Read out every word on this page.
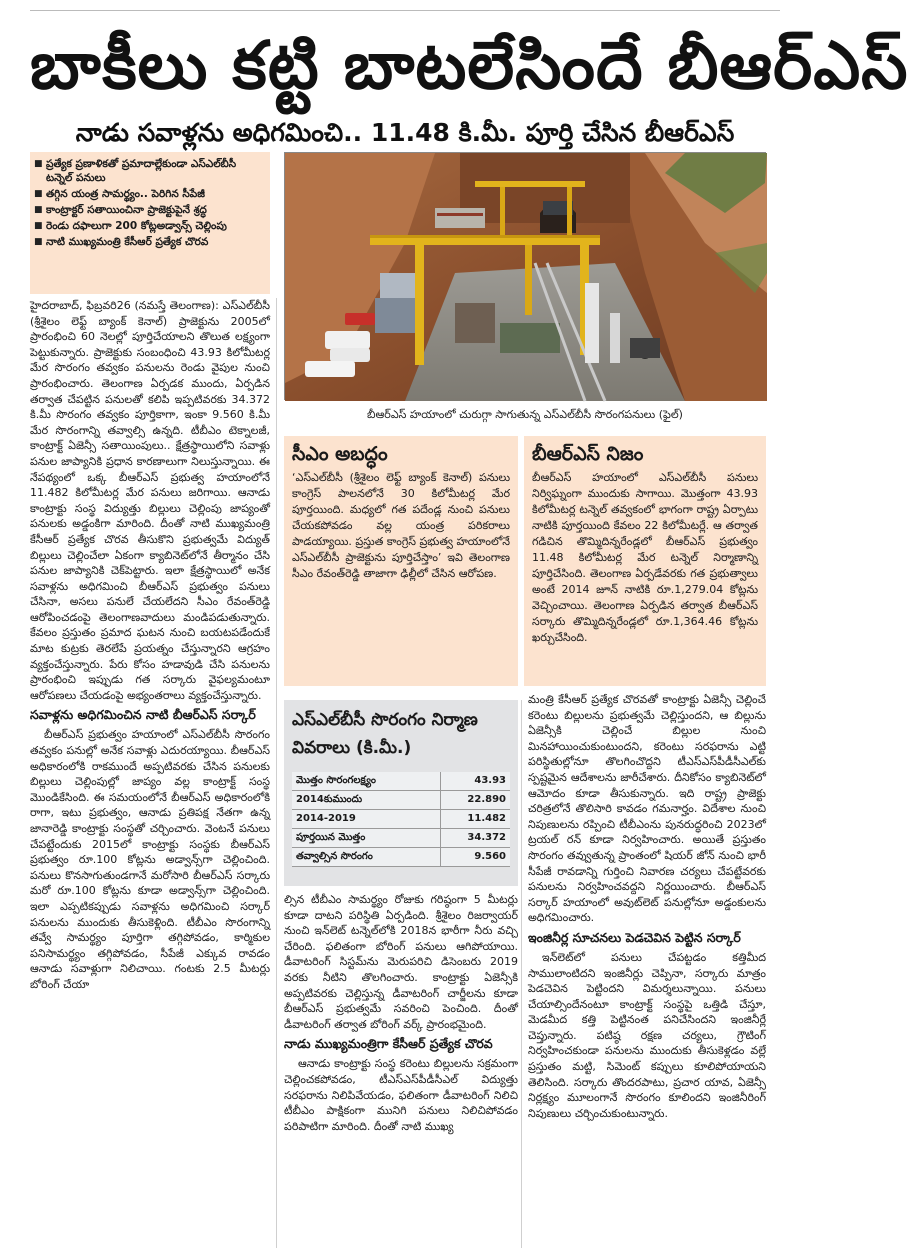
బాకీలు కట్టి బాటలేసిందే బీఆర్‌ఎస్‌
నాడు సవాళ్లను అధిగమించి.. 11.48 కి.మీ. పూర్తి చేసిన బీఆర్‌ఎస్‌
■ ప్రత్యేక ప్రణాళికతో ప్రమాదాల్లేకుండా ఎస్‌ఎల్‌బీసీ టన్నెల్‌ పనులు
■ తగ్గిన యంత్ర సామర్థ్యం.. పెరిగిన సీపేజీ
■ కాంట్రాక్టర్‌ సతాయించినా ప్రాజెక్టుపైనే శ్రద్ధ
■ రెండు దఫాలుగా 200 కోట్లఅడ్వాన్స్‌ చెల్లింపు
■ నాటి ముఖ్యమంత్రి కేసీఆర్‌ ప్రత్యేక చొరవ
బీఆర్‌ఎస్‌ హయాంలో చురుగ్గా సాగుతున్న ఎస్‌ఎల్‌బీసీ సొరంగపనులు (ఫైల్‌)

హైదరాబాద్‌, ఫిబ్రవరి26 (నమస్తే తెలంగాణ): ఎస్‌ఎల్‌బీసీ (శ్రీశైలం లెఫ్ట్‌ బ్యాంక్‌ కెనాల్‌) ప్రాజెక్టును 2005లో ప్రారంభించి 60 నెలల్లో పూర్తిచేయాలని తొలుత లక్ష్యంగా పెట్టుకున్నారు. ప్రాజెక్టుకు సంబంధించి 43.93 కిలోమీటర్ల మేర సొరంగం తవ్వకం పనులను రెండు వైపుల నుంచి ప్రారంభించారు. తెలంగాణ ఏర్పడక ముందు, ఏర్పడిన తర్వాత చేపట్టిన పనులతో కలిపి ఇప్పటివరకు 34.372 కి.మీ సొరంగం తవ్వకం పూర్తికాగా, ఇంకా 9.560 కి.మీ మేర సొరంగాన్ని తవ్వాల్సి ఉన్నది. టీబీఎం టెక్నాలజీ, కాంట్రాక్ట్‌ ఏజెన్సీ సతాయింపులు.. క్షేత్రస్థాయిలోని సవాళ్లు పనుల జాప్యానికి ప్రధాన కారణాలుగా నిలుస్తున్నాయి. ఈ నేపథ్యంలో ఒక్క బీఆర్‌ఎస్‌ ప్రభుత్వ హయాంలోనే 11.482 కిలోమీటర్ల మేర పనులు జరిగాయి. ఆనాడు కాంట్రాక్టు సంస్థ విద్యుత్తు బిల్లులు చెల్లింపు జాప్యంతో పనులకు అడ్డంకిగా మారింది. దీంతో నాటి ముఖ్యమంత్రి కేసీఆర్‌ ప్రత్యేక చొరవ తీసుకొని ప్రభుత్వమే విద్యుత్‌ బిల్లులు చెల్లించేలా ఏకంగా క్యాబినెట్‌లోనే తీర్మానం చేసి పనుల జాప్యానికి చెక్‌పెట్టారు. ఇలా క్షేత్రస్థాయిలో అనేక సవాళ్లను అధిగమించి బీఆర్‌ఎస్‌ ప్రభుత్వం పనులు చేసినా, అసలు పనులే చేయలేదని సీఎం రేవంత్‌రెడ్డి ఆరోపించడంపై తెలంగాణవాదులు మండిపడుతున్నారు. కేవలం ప్రస్తుతం ప్రమాద ఘటన నుంచి బయటపడేందుకే మాట కుట్రకు తెరలేపే ప్రయత్నం చేస్తున్నారని ఆగ్రహం వ్యక్తంచేస్తున్నారు. పేరు కోసం హడావుడి చేసి పనులను ప్రారంభించి ఇప్పుడు గత సర్కారు వైఫల్యమంటూ ఆరోపణలు చేయడంపై అభ్యంతరాలు వ్యక్తంచేస్తున్నారు.

సవాళ్లను అధిగమించిన నాటి బీఆర్‌ఎస్‌ సర్కార్‌

బీఆర్‌ఎస్‌ ప్రభుత్వం హయాంలో ఎస్‌ఎల్‌బీసీ సొరంగం తవ్వకం పనుల్లో అనేక సవాళ్లు ఎదురయ్యాయి. బీఆర్‌ఎస్‌ అధికారంలోకి రాకముందే అప్పటివరకు చేసిన పనులకు బిల్లులు చెల్లింపుల్లో జాప్యం వల్ల కాంట్రాక్ట్‌ సంస్థ మొండికేసింది. ఈ సమయంలోనే బీఆర్‌ఎస్‌ అధికారంలోకి రాగా, ఇటు ప్రభుత్వం, ఆనాడు ప్రతిపక్ష నేతగా ఉన్న జానారెడ్డి కాంట్రాక్టు సంస్థతో చర్చించారు. వెంటనే పనులు చేపట్టేందుకు 2015లో కాంట్రాక్టు సంస్థకు బీఆర్‌ఎస్‌ ప్రభుత్వం రూ.100 కోట్లను అడ్వాన్స్‌గా చెల్లించింది. పనులు కొనసాగుతుండగానే మరోసారి బీఆర్‌ఎస్‌ సర్కారు మరో రూ.100 కోట్లను కూడా అడ్వాన్స్‌గా చెల్లించింది. ఇలా ఎప్పటికప్పుడు సవాళ్లను అధిగమించి సర్కార్‌ పనులను ముందుకు తీసుకెళ్లింది. టీబీఎం సొరంగాన్ని తవ్వే సామర్థ్యం పూర్తిగా తగ్గిపోవడం, కార్మికుల పనిసామర్థ్యం తగ్గిపోవడం, సీపేజీ ఎక్కువ రావడం ఆనాడు సవాళ్లుగా నిలిచాయి. గంటకు 2.5 మీటర్లు బోరింగ్‌ చేయా

సీఎం అబద్ధం
‘ఎస్‌ఎల్‌బీసీ (శ్రీశైలం లెఫ్ట్‌ బ్యాంక్‌ కెనాల్‌) పనులు కాంగ్రెస్‌ పాలనలోనే 30 కిలోమీటర్ల మేర పూర్తయింది. మధ్యలో గత పదేండ్ల నుంచి పనులు చేయకపోవడం వల్ల యంత్ర పరికరాలు పాడయ్యాయి. ప్రస్తుత కాంగ్రెస్‌ ప్రభుత్వ హయాంలోనే ఎస్‌ఎల్‌బీసీ ప్రాజెక్టును పూర్తిచేస్తాం’ ఇవి తెలంగాణ సీఎం రేవంత్‌రెడ్డి తాజాగా ఢిల్లీలో చేసిన ఆరోపణ.
బీఆర్‌ఎస్‌ నిజం
బీఆర్‌ఎస్‌ హయాంలో ఎస్‌ఎల్‌బీసీ పనులు నిర్విఘ్నంగా ముందుకు సాగాయి. మొత్తంగా 43.93 కిలోమీటర్ల టన్నెల్‌ తవ్వకంలో భాగంగా రాష్ట్ర ఏర్పాటు నాటికి పూర్తయింది కేవలం 22 కిలోమీటర్లే. ఆ తర్వాత గడిచిన తొమ్మిదిన్నరేండ్లలో బీఆర్‌ఎస్‌ ప్రభుత్వం 11.48 కిలోమీటర్ల మేర టన్నెల్‌ నిర్మాణాన్ని పూర్తిచేసింది. తెలంగాణ ఏర్పడేవరకు గత ప్రభుత్వాలు అంటే 2014 జూన్‌ నాటికి రూ.1,279.04 కోట్లను వెచ్చించాయి. తెలంగాణ ఏర్పడిన తర్వాత బీఆర్‌ఎస్‌ సర్కారు తొమ్మిదిన్నరేండ్లలో రూ.1,364.46 కోట్లను ఖర్చుచేసింది.
ఎస్‌ఎల్‌బీసీ సొరంగం నిర్మాణ వివరాలు (కి.మీ.)
మొత్తం సొరంగలక్ష్యం	43.93
2014కుముందు	22.890
2014-2019	11.482
పూర్తయిన మొత్తం	34.372
తవ్వాల్సిన సొరంగం	9.560

ల్సిన టీబీఎం సామర్థ్యం రోజుకు గరిష్ఠంగా 5 మీటర్లు కూడా దాటని పరిస్థితి ఏర్పడింది. శ్రీశైలం రిజర్వాయర్‌ నుంచి ఇన్‌లెట్‌ టన్నెల్‌లోకి 2018న భారీగా నీరు వచ్చి చేరింది. ఫలితంగా బోరింగ్‌ పనులు ఆగిపోయాయి. డీవాటరింగ్‌ సిస్టమ్‌ను మెరుపరిచి డిసెంబరు 2019 వరకు నీటిని తొలగించారు. కాంట్రాక్టు ఏజెన్సీకి అప్పటివరకు చెల్లిస్తున్న డీవాటరింగ్‌ చార్జీలను కూడా బీఆర్‌ఎస్‌ ప్రభుత్వమే సవరించి పెంచింది. దీంతో డీవాటరింగ్‌ తర్వాత బోరింగ్‌ వర్క్‌ ప్రారంభమైంది.

నాడు ముఖ్యమంత్రిగా కేసీఆర్‌ ప్రత్యేక చొరవ

ఆనాడు కాంట్రాక్టు సంస్థ కరెంటు బిల్లులను సక్రమంగా చెల్లించకపోవడం, టీఎస్‌ఎస్‌పీడీసీఎల్‌ విద్యుత్తు సరఫరాను నిలిపివేయడం, ఫలితంగా డీవాటరింగ్‌ నిలిచి టీబీఎం పాక్షికంగా మునిగి పనులు నిలిచిపోవడం పరిపాటిగా మారింది. దీంతో నాటి ముఖ్య

మంత్రి కేసీఆర్‌ ప్రత్యేక చొరవతో కాంట్రాక్టు ఏజెన్సీ చెల్లించే కరెంటు బిల్లులను ప్రభుత్వమే చెల్లిస్తుందని, ఆ బిల్లును ఏజెన్సీకి చెల్లించే బిల్లుల నుంచి మినహాయించుకుంటుందని, కరెంటు సరఫరాను ఎట్టి పరిస్థితుల్లోనూ తొలగించొద్దని టీఎస్‌ఎస్‌పీడీసీఎల్‌కు స్పష్టమైన ఆదేశాలను జారీచేశారు. దీనికోసం క్యాబినెట్‌లో ఆమోదం కూడా తీసుకున్నారు. ఇది రాష్ట్ర ప్రాజెక్టు చరిత్రలోనే తొలిసారి కావడం గమనార్హం. విదేశాల నుంచి నిపుణులను రప్పించి టీబీఎంను పునరుద్ధరించి 2023లో ట్రయల్‌ రన్‌ కూడా నిర్వహించారు. అయితే ప్రస్తుతం సొరంగం తవ్వుతున్న ప్రాంతంలో షియర్‌ జోన్‌ నుంచి భారీ సీపేజీ రావడాన్ని గుర్తించి నివారణ చర్యలు చేపట్టేవరకు పనులను నిర్వహించవద్దని నిర్ణయించారు. బీఆర్‌ఎస్‌ సర్కార్‌ హయాంలో అవుట్‌లెట్‌ పనుల్లోనూ అడ్డంకులను అధిగమించారు.

ఇంజినీర్ల సూచనలు పెడచెవిన పెట్టిన సర్కార్‌

ఇన్‌లెట్‌లో పనులు చేపట్టడం కత్తిమీద సాములాంటిదని ఇంజినీర్లు చెప్పినా, సర్కారు మాత్రం పెడచెవిన పెట్టిందని విమర్శలున్నాయి. పనులు చేయాల్సిందేనంటూ కాంట్రాక్ట్‌ సంస్థపై ఒత్తిడి చేస్తూ, మెడమీద కత్తి పెట్టినంత పనిచేసిందని ఇంజినీర్లే చెప్తున్నారు. పటిష్ఠ రక్షణ చర్యలు, గ్రౌటింగ్‌ నిర్వహించకుండా పనులను ముందుకు తీసుకెళ్లడం వల్లే ప్రస్తుతం మట్టి, సిమెంట్‌ కప్పులు కూలిపోయాయని తెలిసింది. సర్కారు తొందరపాటు, ప్రచార యావ, ఏజెన్సీ నిర్లక్ష్యం మూలంగానే సొరంగం కూలిందని ఇంజినీరింగ్‌ నిపుణులు చర్చించుకుంటున్నారు.
